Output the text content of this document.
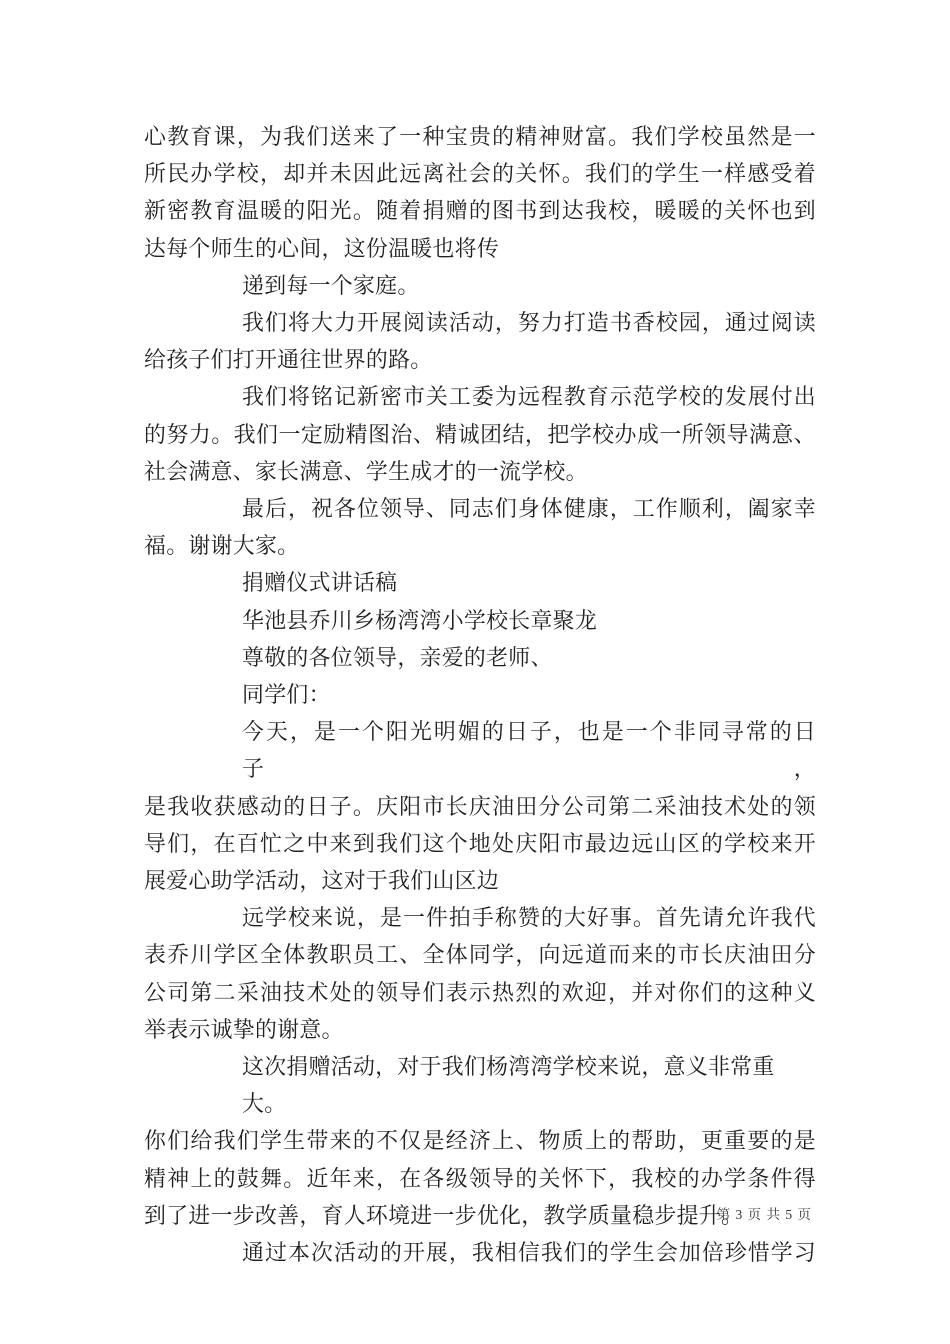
心教育课，为我们送来了一种宝贵的精神财富。我们学校虽然是一
所民办学校，却并未因此远离社会的关怀。我们的学生一样感受着
新密教育温暖的阳光。随着捐赠的图书到达我校，暖暖的关怀也到
达每个师生的心间，这份温暖也将传
递到每一个家庭。
我们将大力开展阅读活动，努力打造书香校园，通过阅读
给孩子们打开通往世界的路。
我们将铭记新密市关工委为远程教育示范学校的发展付出
的努力。我们一定励精图治、精诚团结，把学校办成一所领导满意、
社会满意、家长满意、学生成才的一流学校。
最后，祝各位领导、同志们身体健康，工作顺利，阖家幸
福。谢谢大家。
捐赠仪式讲话稿
华池县乔川乡杨湾湾小学校长章聚龙
尊敬的各位领导，亲爱的老师、
同学们：
今天，是一个阳光明媚的日子，也是一个非同寻常的日子，
是我收获感动的日子。庆阳市长庆油田分公司第二采油技术处的领
导们，在百忙之中来到我们这个地处庆阳市最边远山区的学校来开
展爱心助学活动，这对于我们山区边
远学校来说，是一件拍手称赞的大好事。首先请允许我代
表乔川学区全体教职员工、全体同学，向远道而来的市长庆油田分
公司第二采油技术处的领导们表示热烈的欢迎，并对你们的这种义
举表示诚挚的谢意。
这次捐赠活动，对于我们杨湾湾学校来说，意义非常重大。
你们给我们学生带来的不仅是经济上、物质上的帮助，更重要的是
精神上的鼓舞。近年来，在各级领导的关怀下，我校的办学条件得
到了进一步改善，育人环境进一步优化，教学质量稳步提升。
通过本次活动的开展，我相信我们的学生会加倍珍惜学习
第 3 页 共 5 页
